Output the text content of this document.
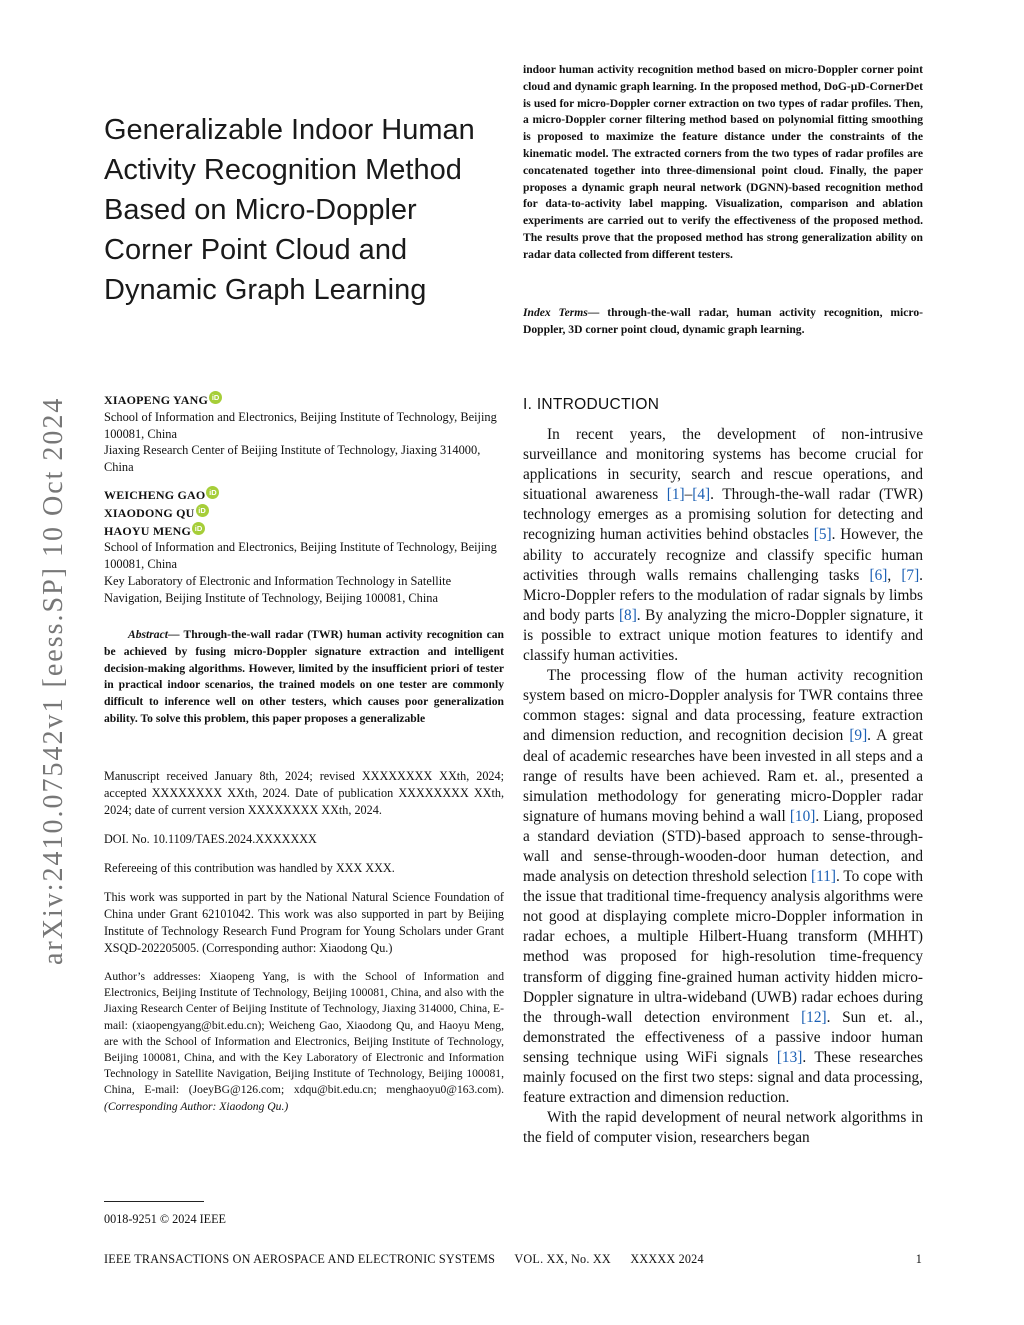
arXiv:2410.07542v1 [eess.SP] 10 Oct 2024
Generalizable Indoor Human Activity Recognition Method Based on Micro-Doppler Corner Point Cloud and Dynamic Graph Learning
indoor human activity recognition method based on micro-Doppler corner point cloud and dynamic graph learning. In the proposed method, DoG-μD-CornerDet is used for micro-Doppler corner extraction on two types of radar profiles. Then, a micro-Doppler corner filtering method based on polynomial fitting smoothing is proposed to maximize the feature distance under the constraints of the kinematic model. The extracted corners from the two types of radar profiles are concatenated together into three-dimensional point cloud. Finally, the paper proposes a dynamic graph neural network (DGNN)-based recognition method for data-to-activity label mapping. Visualization, comparison and ablation experiments are carried out to verify the effectiveness of the proposed method. The results prove that the proposed method has strong generalization ability on radar data collected from different testers.
Index Terms— through-the-wall radar, human activity recognition, micro-Doppler, 3D corner point cloud, dynamic graph learning.
XIAOPENG YANG iD
School of Information and Electronics, Beijing Institute of Technology, Beijing 100081, China
Jiaxing Research Center of Beijing Institute of Technology, Jiaxing 314000, China
WEICHENG GAO iD
XIAODONG QU iD
HAOYU MENG iD
School of Information and Electronics, Beijing Institute of Technology, Beijing 100081, China
Key Laboratory of Electronic and Information Technology in Satellite Navigation, Beijing Institute of Technology, Beijing 100081, China
Abstract— Through-the-wall radar (TWR) human activity recognition can be achieved by fusing micro-Doppler signature extraction and intelligent decision-making algorithms. However, limited by the insufficient priori of tester in practical indoor scenarios, the trained models on one tester are commonly difficult to inference well on other testers, which causes poor generalization ability. To solve this problem, this paper proposes a generalizable

Manuscript received January 8th, 2024; revised XXXXXXXX XXth, 2024; accepted XXXXXXXX XXth, 2024. Date of publication XXXXXXXX XXth, 2024; date of current version XXXXXXXX XXth, 2024.

DOI. No. 10.1109/TAES.2024.XXXXXXX

Refereeing of this contribution was handled by XXX XXX.

This work was supported in part by the National Natural Science Foundation of China under Grant 62101042. This work was also supported in part by Beijing Institute of Technology Research Fund Program for Young Scholars under Grant XSQD-202205005. (Corresponding author: Xiaodong Qu.)

Author’s addresses: Xiaopeng Yang, is with the School of Information and Electronics, Beijing Institute of Technology, Beijing 100081, China, and also with the Jiaxing Research Center of Beijing Institute of Technology, Jiaxing 314000, China, E-mail: (xiaopengyang@bit.edu.cn); Weicheng Gao, Xiaodong Qu, and Haoyu Meng, are with the School of Information and Electronics, Beijing Institute of Technology, Beijing 100081, China, and with the Key Laboratory of Electronic and Information Technology in Satellite Navigation, Beijing Institute of Technology, Beijing 100081, China, E-mail: (JoeyBG@126.com; xdqu@bit.edu.cn; menghaoyu0@163.com). (Corresponding Author: Xiaodong Qu.)

0018-9251 © 2024 IEEE
I. INTRODUCTION

In recent years, the development of non-intrusive surveillance and monitoring systems has become crucial for applications in security, search and rescue operations, and situational awareness [1]–[4]. Through-the-wall radar (TWR) technology emerges as a promising solution for detecting and recognizing human activities behind obstacles [5]. However, the ability to accurately recognize and classify specific human activities through walls remains challenging tasks [6], [7]. Micro-Doppler refers to the modulation of radar signals by limbs and body parts [8]. By analyzing the micro-Doppler signature, it is possible to extract unique motion features to identify and classify human activities.

The processing flow of the human activity recognition system based on micro-Doppler analysis for TWR contains three common stages: signal and data processing, feature extraction and dimension reduction, and recognition decision [9]. A great deal of academic researches have been invested in all steps and a range of results have been achieved. Ram et. al., presented a simulation methodology for generating micro-Doppler radar signature of humans moving behind a wall [10]. Liang, proposed a standard deviation (STD)-based approach to sense-through-wall and sense-through-wooden-door human detection, and made analysis on detection threshold selection [11]. To cope with the issue that traditional time-frequency analysis algorithms were not good at displaying complete micro-Doppler information in radar echoes, a multiple Hilbert-Huang transform (MHHT) method was proposed for high-resolution time-frequency transform of digging fine-grained human activity hidden micro-Doppler signature in ultra-wideband (UWB) radar echoes during the through-wall detection environment [12]. Sun et. al., demonstrated the effectiveness of a passive indoor human sensing technique using WiFi signals [13]. These researches mainly focused on the first two steps: signal and data processing, feature extraction and dimension reduction.

With the rapid development of neural network algorithms in the field of computer vision, researchers began

IEEE TRANSACTIONS ON AEROSPACE AND ELECTRONIC SYSTEMS      VOL. XX, No. XX      XXXXX 2024	1
